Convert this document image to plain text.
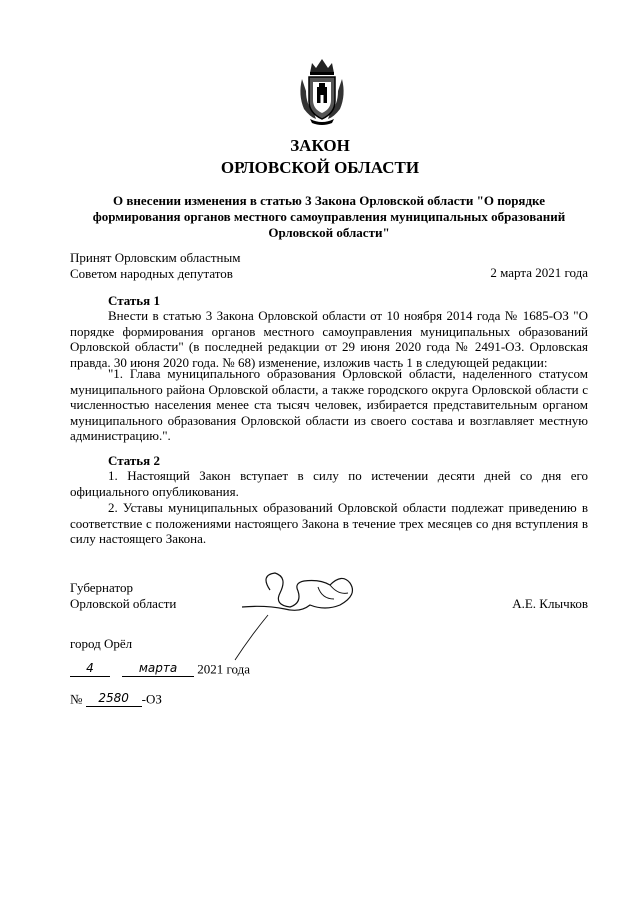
ЗАКОН
ОРЛОВСКОЙ ОБЛАСТИ
О внесении изменения в статью 3 Закона Орловской области "О порядке формирования органов местного самоуправления муниципальных образований Орловской области"
Принят Орловским областным
Советом народных депутатов	2 марта 2021 года
Статья 1
Внести в статью 3 Закона Орловской области от 10 ноября 2014 года № 1685-ОЗ "О порядке формирования органов местного самоуправления муниципальных образований Орловской области" (в последней редакции от 29 июня 2020 года № 2491-ОЗ. Орловская правда. 30 июня 2020 года. № 68) изменение, изложив часть 1 в следующей редакции:
"1. Глава муниципального образования Орловской области, наделенного статусом муниципального района Орловской области, а также городского округа Орловской области с численностью населения менее ста тысяч человек, избирается представительным органом муниципального образования Орловской области из своего состава и возглавляет местную администрацию.".
Статья 2
1. Настоящий Закон вступает в силу по истечении десяти дней со дня его официального опубликования.
2. Уставы муниципальных образований Орловской области подлежат приведению в соответствие с положениями настоящего Закона в течение трех месяцев со дня вступления в силу настоящего Закона.
Губернатор
Орловской области	А.Е. Клычков
город Орёл
4	марта 2021 года
№ 2580 -ОЗ
